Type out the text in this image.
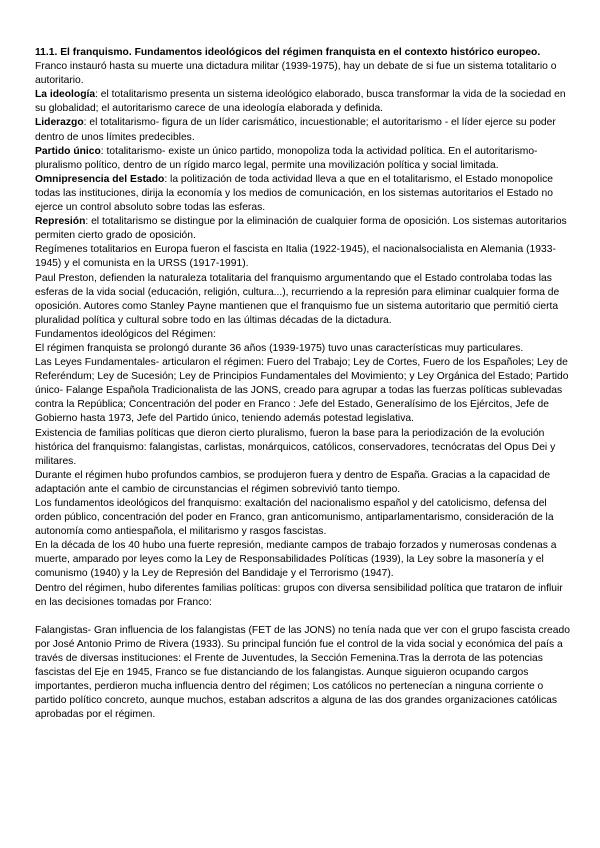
11.1. El franquismo. Fundamentos ideológicos del régimen franquista en el contexto histórico europeo.

Franco instauró hasta su muerte una dictadura militar (1939-1975), hay un debate de si fue un sistema totalitario o autoritario.

La ideología: el totalitarismo presenta un sistema ideológico elaborado, busca transformar la vida de la sociedad en su globalidad; el autoritarismo carece de una ideología elaborada y definida.

Liderazgo: el totalitarismo- figura de un líder carismático, incuestionable; el autoritarismo - el líder ejerce su poder dentro de unos límites predecibles.

Partido único: totalitarismo- existe un único partido, monopoliza toda la actividad política. En el autoritarismo- pluralismo político, dentro de un rígido marco legal, permite una movilización política y social limitada.

Omnipresencia del Estado: la politización de toda actividad lleva a que en el totalitarismo, el Estado monopolice todas las instituciones, dirija la economía y los medios de comunicación, en los sistemas autoritarios el Estado no ejerce un control absoluto sobre todas las esferas.

Represión: el totalitarismo se distingue por la eliminación de cualquier forma de oposición. Los sistemas autoritarios permiten cierto grado de oposición.

Regímenes totalitarios en Europa fueron el fascista en Italia (1922-1945), el nacionalsocialista en Alemania (1933-1945) y el comunista en la URSS (1917-1991).

Paul Preston, defienden la naturaleza totalitaria del franquismo argumentando que el Estado controlaba todas las esferas de la vida social (educación, religión, cultura...), recurriendo a la represión para eliminar cualquier forma de oposición. Autores como Stanley Payne mantienen que el franquismo fue un sistema autoritario que permitió cierta pluralidad política y cultural sobre todo en las últimas décadas de la dictadura.

Fundamentos ideológicos del Régimen:

El régimen franquista se prolongó durante 36 años (1939-1975) tuvo unas características muy particulares.

Las Leyes Fundamentales- articularon el régimen: Fuero del Trabajo; Ley de Cortes, Fuero de los Españoles; Ley de Referéndum; Ley de Sucesión; Ley de Principios Fundamentales del Movimiento; y Ley Orgánica del Estado; Partido único- Falange Española Tradicionalista de las JONS, creado para agrupar a todas las fuerzas políticas sublevadas contra la República; Concentración del poder en Franco : Jefe del Estado, Generalísimo de los Ejércitos, Jefe de Gobierno hasta 1973, Jefe del Partido único, teniendo además potestad legislativa.

Existencia de familias políticas que dieron cierto pluralismo, fueron la base para la periodización de la evolución histórica del franquismo: falangistas, carlistas, monárquicos, católicos, conservadores, tecnócratas del Opus Dei y militares.

Durante el régimen hubo profundos cambios, se produjeron fuera y dentro de España. Gracias a la capacidad de adaptación ante el cambio de circunstancias el régimen sobrevivió tanto tiempo.

Los fundamentos ideológicos del franquismo: exaltación del nacionalismo español y del catolicismo, defensa del orden público, concentración del poder en Franco, gran anticomunismo, antiparlamentarismo, consideración de la autonomía como antiespañola, el militarismo y rasgos fascistas.

En la década de los 40 hubo una fuerte represión, mediante campos de trabajo forzados y numerosas condenas a muerte, amparado por leyes como la Ley de Responsabilidades Políticas (1939), la Ley sobre la masonería y el comunismo (1940) y la Ley de Represión del Bandidaje y el Terrorismo (1947).

Dentro del régimen, hubo diferentes familias políticas: grupos con diversa sensibilidad política que trataron de influir en las decisiones tomadas por Franco:

Falangistas- Gran influencia de los falangistas (FET de las JONS) no tenía nada que ver con el grupo fascista creado por José Antonio Primo de Rivera (1933). Su principal función fue el control de la vida social y económica del país a través de diversas instituciones: el Frente de Juventudes, la Sección Femenina.Tras la derrota de las potencias fascistas del Eje en 1945, Franco se fue distanciando de los falangistas. Aunque siguieron ocupando cargos importantes, perdieron mucha influencia dentro del régimen; Los católicos no pertenecían a ninguna corriente o partido político concreto, aunque muchos, estaban adscritos a alguna de las dos grandes organizaciones católicas aprobadas por el régimen.
